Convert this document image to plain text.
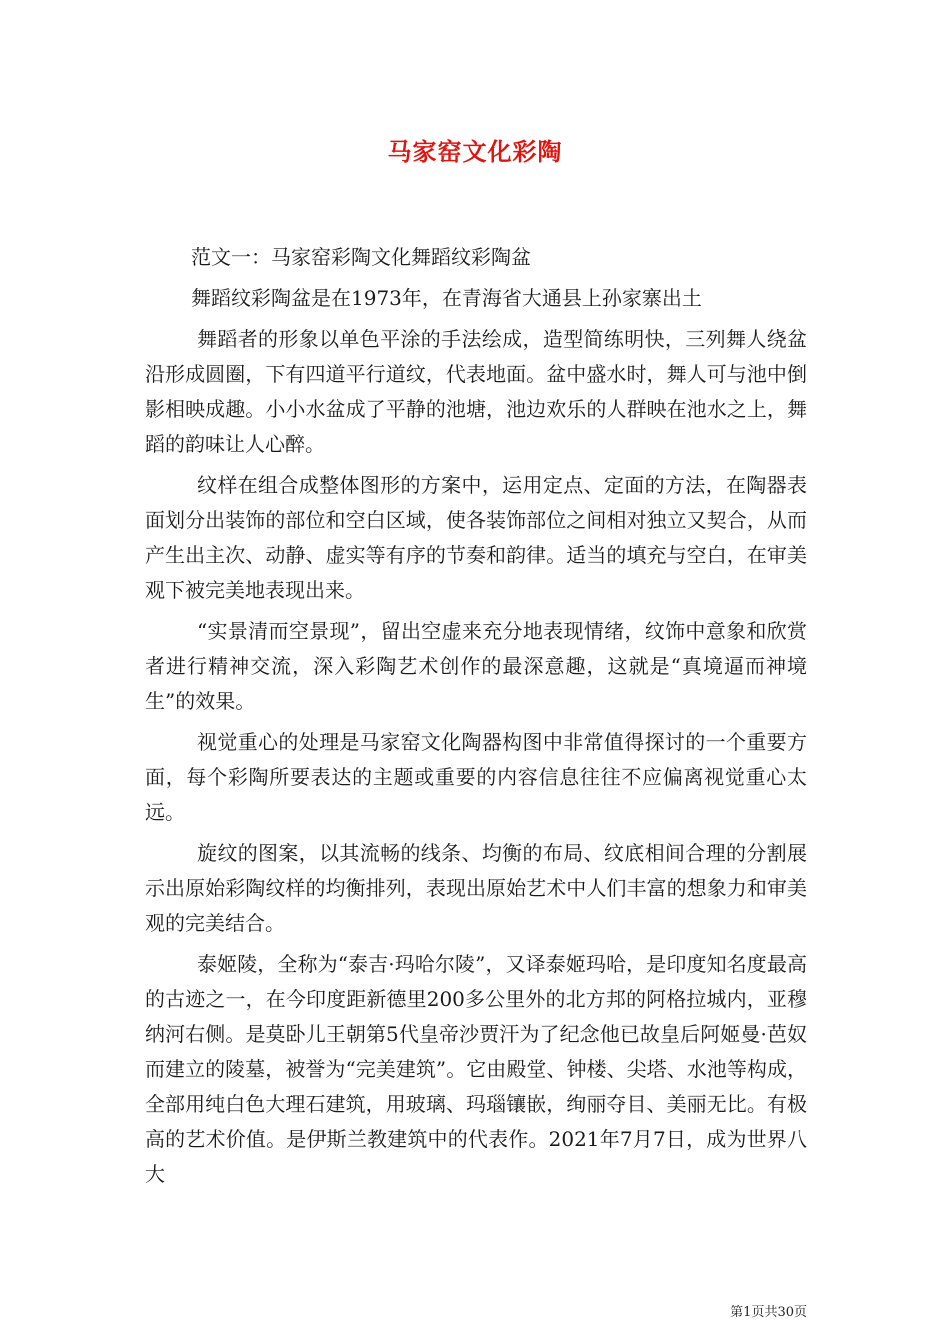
马家窑文化彩陶

范文一：马家窑彩陶文化舞蹈纹彩陶盆

舞蹈纹彩陶盆是在1973年，在青海省大通县上孙家寨出土

舞蹈者的形象以单色平涂的手法绘成，造型简练明快，三列舞人绕盆沿形成圆圈，下有四道平行道纹，代表地面。盆中盛水时，舞人可与池中倒影相映成趣。小小水盆成了平静的池塘，池边欢乐的人群映在池水之上，舞蹈的韵味让人心醉。

纹样在组合成整体图形的方案中，运用定点、定面的方法，在陶器表面划分出装饰的部位和空白区域，使各装饰部位之间相对独立又契合，从而产生出主次、动静、虚实等有序的节奏和韵律。适当的填充与空白，在审美观下被完美地表现出来。

“实景清而空景现”，留出空虚来充分地表现情绪，纹饰中意象和欣赏者进行精神交流，深入彩陶艺术创作的最深意趣，这就是“真境逼而神境生”的效果。

视觉重心的处理是马家窑文化陶器构图中非常值得探讨的一个重要方面，每个彩陶所要表达的主题或重要的内容信息往往不应偏离视觉重心太远。

旋纹的图案，以其流畅的线条、均衡的布局、纹底相间合理的分割展示出原始彩陶纹样的均衡排列，表现出原始艺术中人们丰富的想象力和审美观的完美结合。

泰姬陵，全称为“泰吉·玛哈尔陵”，又译泰姬玛哈，是印度知名度最高的古迹之一，在今印度距新德里200多公里外的北方邦的阿格拉城内，亚穆纳河右侧。是莫卧儿王朝第5代皇帝沙贾汗为了纪念他已故皇后阿姬曼·芭奴而建立的陵墓，被誉为“完美建筑”。它由殿堂、钟楼、尖塔、水池等构成，全部用纯白色大理石建筑，用玻璃、玛瑙镶嵌，绚丽夺目、美丽无比。有极高的艺术价值。是伊斯兰教建筑中的代表作。2021年7月7日，成为世界八大

第1页共30页
